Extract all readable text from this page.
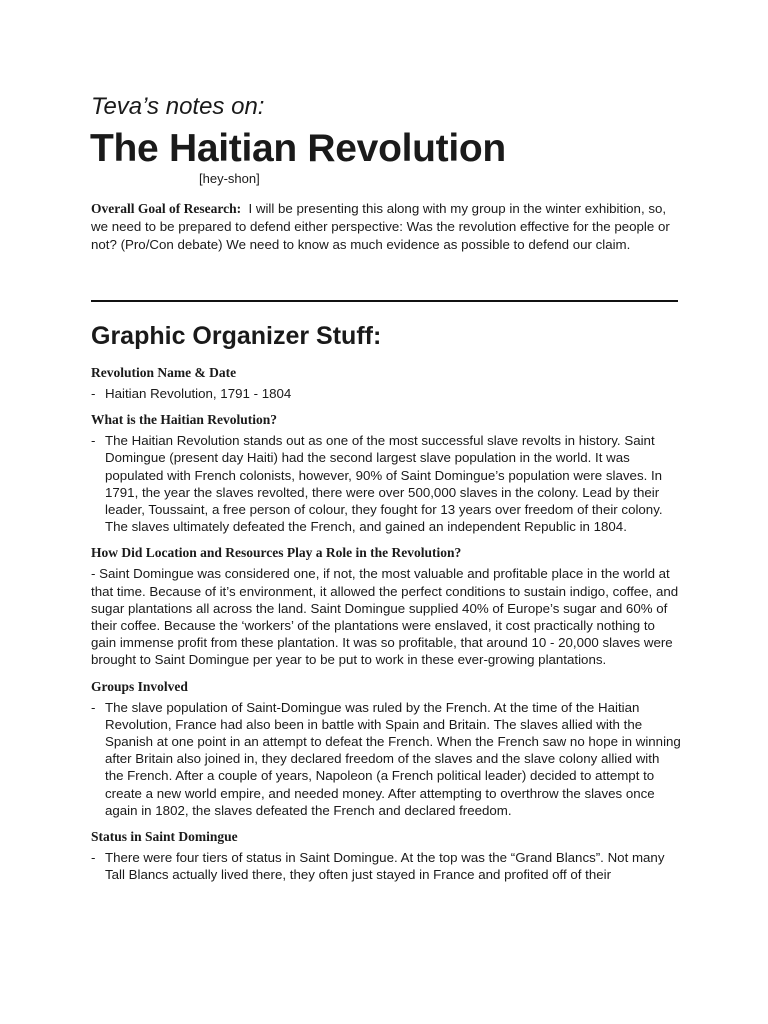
Teva’s notes on:
The Haitian Revolution
[hey-shon]
Overall Goal of Research: I will be presenting this along with my group in the winter exhibition, so, we need to be prepared to defend either perspective: Was the revolution effective for the people or not? (Pro/Con debate) We need to know as much evidence as possible to defend our claim.
Graphic Organizer Stuff:
Revolution Name & Date
- Haitian Revolution, 1791 - 1804
What is the Haitian Revolution?
- The Haitian Revolution stands out as one of the most successful slave revolts in history. Saint Domingue (present day Haiti) had the second largest slave population in the world. It was populated with French colonists, however, 90% of Saint Domingue’s population were slaves. In 1791, the year the slaves revolted, there were over 500,000 slaves in the colony. Lead by their leader, Toussaint, a free person of colour, they fought for 13 years over freedom of their colony. The slaves ultimately defeated the French, and gained an independent Republic in 1804.
How Did Location and Resources Play a Role in the Revolution?
- Saint Domingue was considered one, if not, the most valuable and profitable place in the world at that time. Because of it’s environment, it allowed the perfect conditions to sustain indigo, coffee, and sugar plantations all across the land. Saint Domingue supplied 40% of Europe’s sugar and 60% of their coffee. Because the ‘workers’ of the plantations were enslaved, it cost practically nothing to gain immense profit from these plantation. It was so profitable, that around 10 - 20,000 slaves were brought to Saint Domingue per year to be put to work in these ever-growing plantations.
Groups Involved
- The slave population of Saint-Domingue was ruled by the French. At the time of the Haitian Revolution, France had also been in battle with Spain and Britain. The slaves allied with the Spanish at one point in an attempt to defeat the French. When the French saw no hope in winning after Britain also joined in, they declared freedom of the slaves and the slave colony allied with the French. After a couple of years, Napoleon (a French political leader) decided to attempt to create a new world empire, and needed money. After attempting to overthrow the slaves once again in 1802, the slaves defeated the French and declared freedom.
Status in Saint Domingue
- There were four tiers of status in Saint Domingue. At the top was the “Grand Blancs”. Not many Tall Blancs actually lived there, they often just stayed in France and profited off of their
